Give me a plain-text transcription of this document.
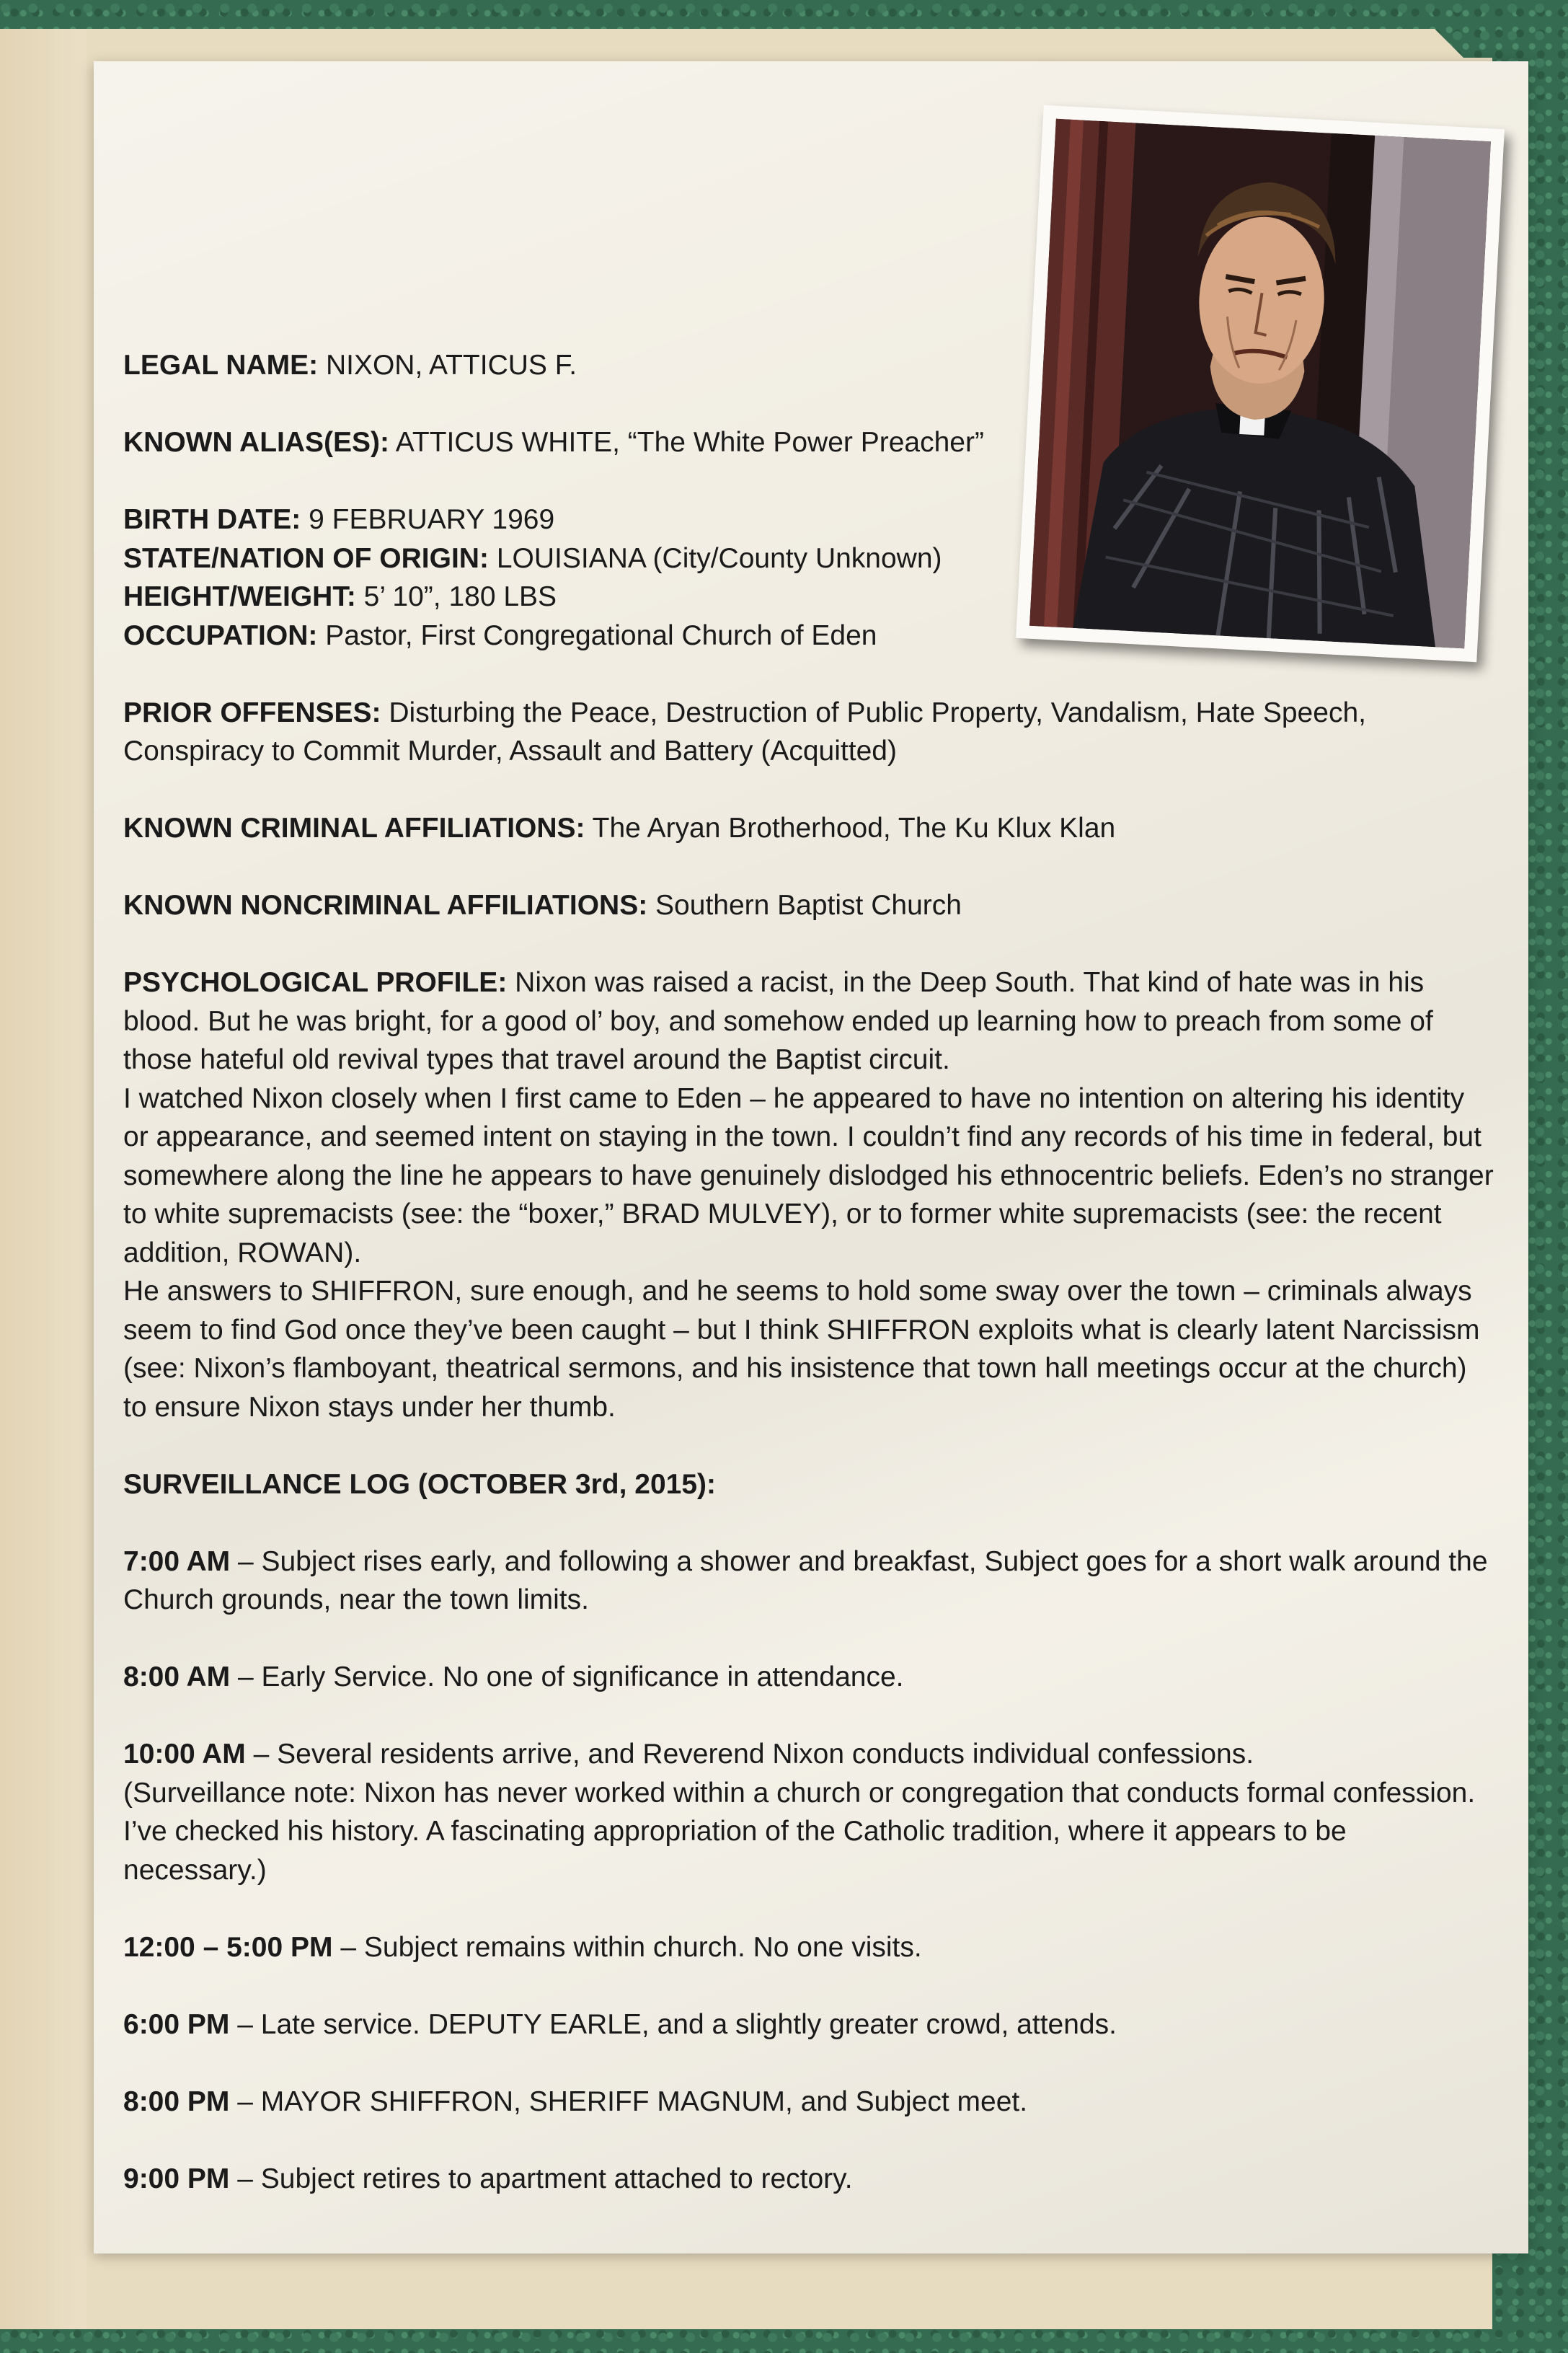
LEGAL NAME: NIXON, ATTICUS F.

KNOWN ALIAS(ES): ATTICUS WHITE, “The White Power Preacher”

BIRTH DATE: 9 FEBRUARY 1969

STATE/NATION OF ORIGIN: LOUISIANA (City/County Unknown)

HEIGHT/WEIGHT: 5’ 10”, 180 LBS

OCCUPATION: Pastor, First Congregational Church of Eden

PRIOR OFFENSES: Disturbing the Peace, Destruction of Public Property, Vandalism, Hate Speech, Conspiracy to Commit Murder, Assault and Battery (Acquitted)

KNOWN CRIMINAL AFFILIATIONS: The Aryan Brotherhood, The Ku Klux Klan

KNOWN NONCRIMINAL AFFILIATIONS: Southern Baptist Church

PSYCHOLOGICAL PROFILE: Nixon was raised a racist, in the Deep South. That kind of hate was in his blood. But he was bright, for a good ol’ boy, and somehow ended up learning how to preach from some of those hateful old revival types that travel around the Baptist circuit.

I watched Nixon closely when I first came to Eden – he appeared to have no intention on altering his identity or appearance, and seemed intent on staying in the town. I couldn’t find any records of his time in federal, but somewhere along the line he appears to have genuinely dislodged his ethnocentric beliefs. Eden’s no stranger to white supremacists (see: the “boxer,” BRAD MULVEY), or to former white supremacists (see: the recent addition, ROWAN).

He answers to SHIFFRON, sure enough, and he seems to hold some sway over the town – criminals always seem to find God once they’ve been caught – but I think SHIFFRON exploits what is clearly latent Narcissism (see: Nixon’s flamboyant, theatrical sermons, and his insistence that town hall meetings occur at the church) to ensure Nixon stays under her thumb.

SURVEILLANCE LOG (OCTOBER 3rd, 2015):

7:00 AM – Subject rises early, and following a shower and breakfast, Subject goes for a short walk around the Church grounds, near the town limits.

8:00 AM – Early Service. No one of significance in attendance.

10:00 AM – Several residents arrive, and Reverend Nixon conducts individual confessions.

(Surveillance note: Nixon has never worked within a church or congregation that conducts formal confession. I’ve checked his history. A fascinating appropriation of the Catholic tradition, where it appears to be necessary.)

12:00 – 5:00 PM – Subject remains within church. No one visits.

6:00 PM – Late service. DEPUTY EARLE, and a slightly greater crowd, attends.

8:00 PM – MAYOR SHIFFRON, SHERIFF MAGNUM, and Subject meet.

9:00 PM – Subject retires to apartment attached to rectory.
